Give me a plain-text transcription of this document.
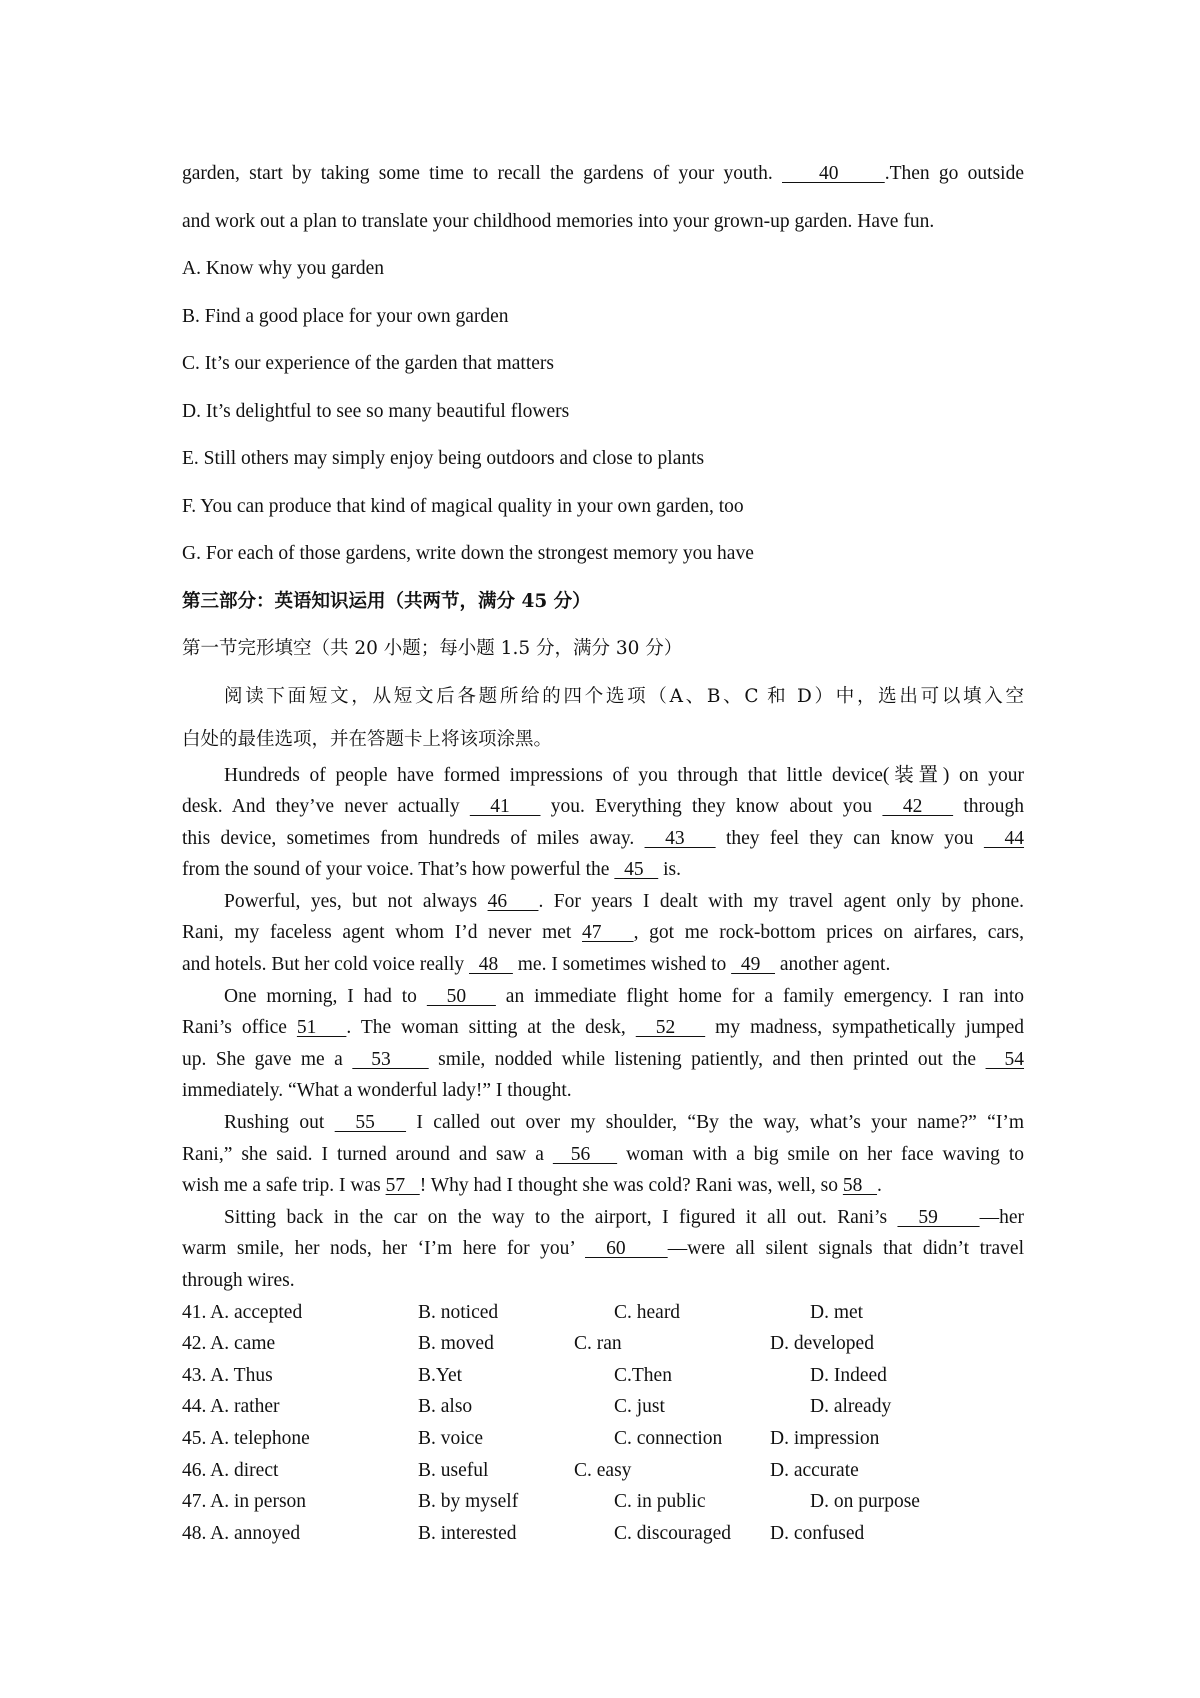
garden, start by taking some time to recall the gardens of your youth.     40     .Then go outside
and work out a plan to translate your childhood memories into your grown-up garden. Have fun.
A. Know why you garden
B. Find a good place for your own garden
C. It’s our experience of the garden that matters
D. It’s delightful to see so many beautiful flowers
E. Still others may simply enjoy being outdoors and close to plants
F. You can produce that kind of magical quality in your own garden, too
G. For each of those gardens, write down the strongest memory you have
第三部分：英语知识运用（共两节，满分 45 分）
第一节完形填空（共 20 小题；每小题 1.5 分，满分 30 分）
阅读下面短文，从短文后各题所给的四个选项（A、B、C 和 D）中，选出可以填入空
白处的最佳选项，并在答题卡上将该项涂黑。
Hundreds of people have formed impressions of you through that little device(装置) on your
desk. And they’ve never actually   41    you. Everything they know about you   42    through
this device, sometimes from hundreds of miles away.   43    they feel they can know you   44
from the sound of your voice. That’s how powerful the   45    is.
Powerful, yes, but not always 46   . For years I dealt with my travel agent only by phone.
Rani, my faceless agent whom I’d never met 47   , got me rock-bottom prices on airfares, cars,
and hotels. But her cold voice really   48    me. I sometimes wished to   49    another agent.
One morning, I had to   50    an immediate flight home for a family emergency. I ran into
Rani’s office 51   . The woman sitting at the desk,   52    my madness, sympathetically jumped
up. She gave me a   53     smile, nodded while listening patiently, and then printed out the   54
immediately. “What a wonderful lady!” I thought.
Rushing out   55    I called out over my shoulder, “By the way, what’s your name?” “I’m
Rani,” she said. I turned around and saw a   56    woman with a big smile on her face waving to
wish me a safe trip. I was 57   ! Why had I thought she was cold? Rani was, well, so 58   .
Sitting back in the car on the way to the airport, I figured it all out. Rani’s   59    —her
warm smile, her nods, her ‘I’m here for you’   60    —were all silent signals that didn’t travel
through wires.
41. A. accepted	B. noticed	C. heard	D. met
42. A. came	B. moved	C. ran	D. developed
43. A. Thus	B.Yet	C.Then	D. Indeed
44. A. rather	B. also	C. just	D. already
45. A. telephone	B. voice	C. connection D. impression
46. A. direct	B. useful	C. easy	D. accurate
47. A. in person	B. by myself	C. in public	D. on purpose
48. A. annoyed	B. interested	C. discouraged D. confused
